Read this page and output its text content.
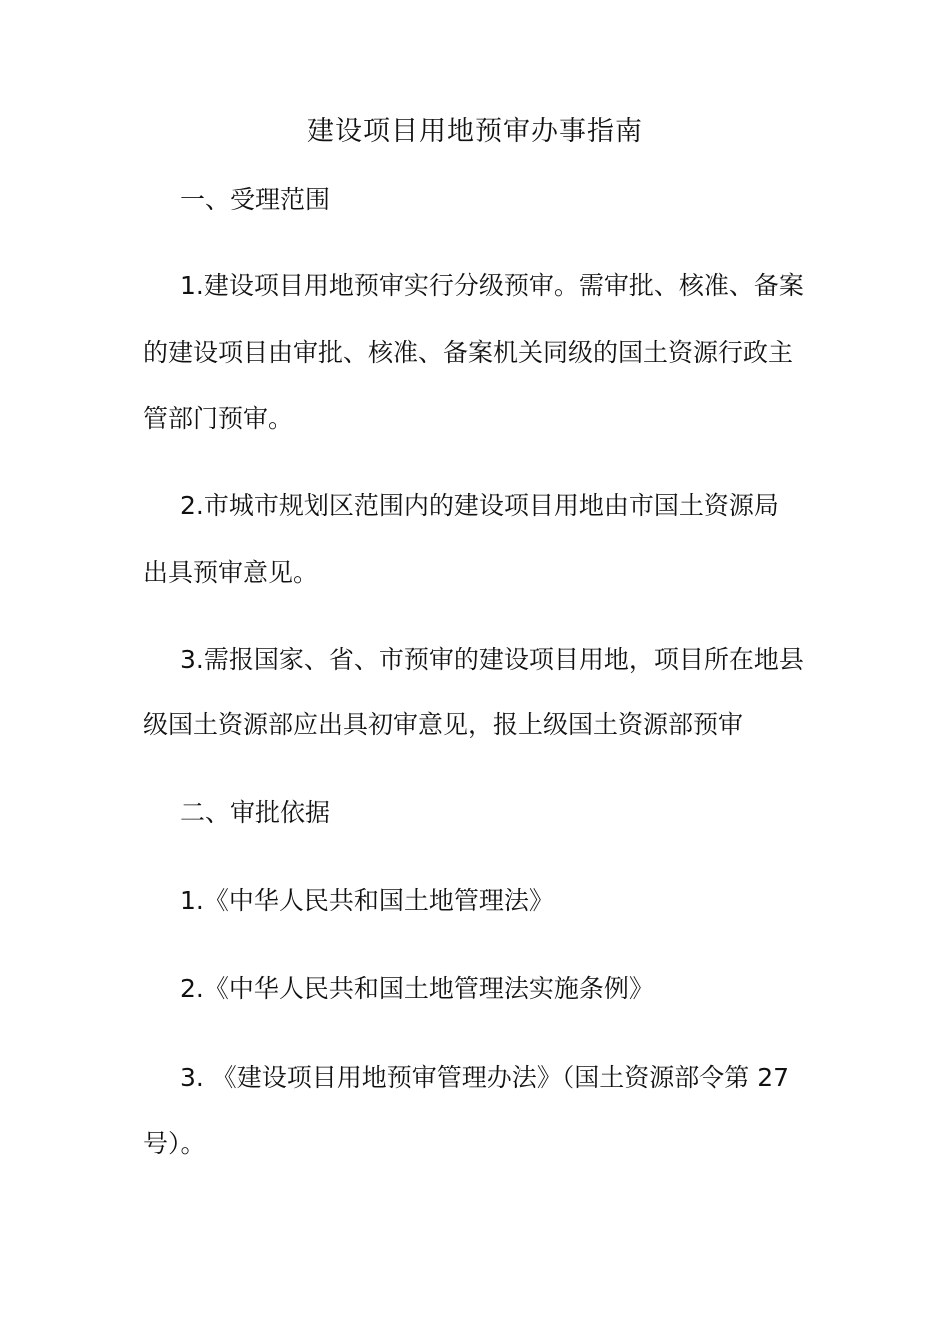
建设项目用地预审办事指南
一、受理范围
1.建设项目用地预审实行分级预审。需审批、核准、备案
的建设项目由审批、核准、备案机关同级的国土资源行政主
管部门预审。
2.市城市规划区范围内的建设项目用地由市国土资源局
出具预审意见。
3.需报国家、省、市预审的建设项目用地，项目所在地县
级国土资源部应出具初审意见，报上级国土资源部预审
二、审批依据
1.《中华人民共和国土地管理法》
2.《中华人民共和国土地管理法实施条例》
3. 《建设项目用地预审管理办法》（国土资源部令第 27
号）。
